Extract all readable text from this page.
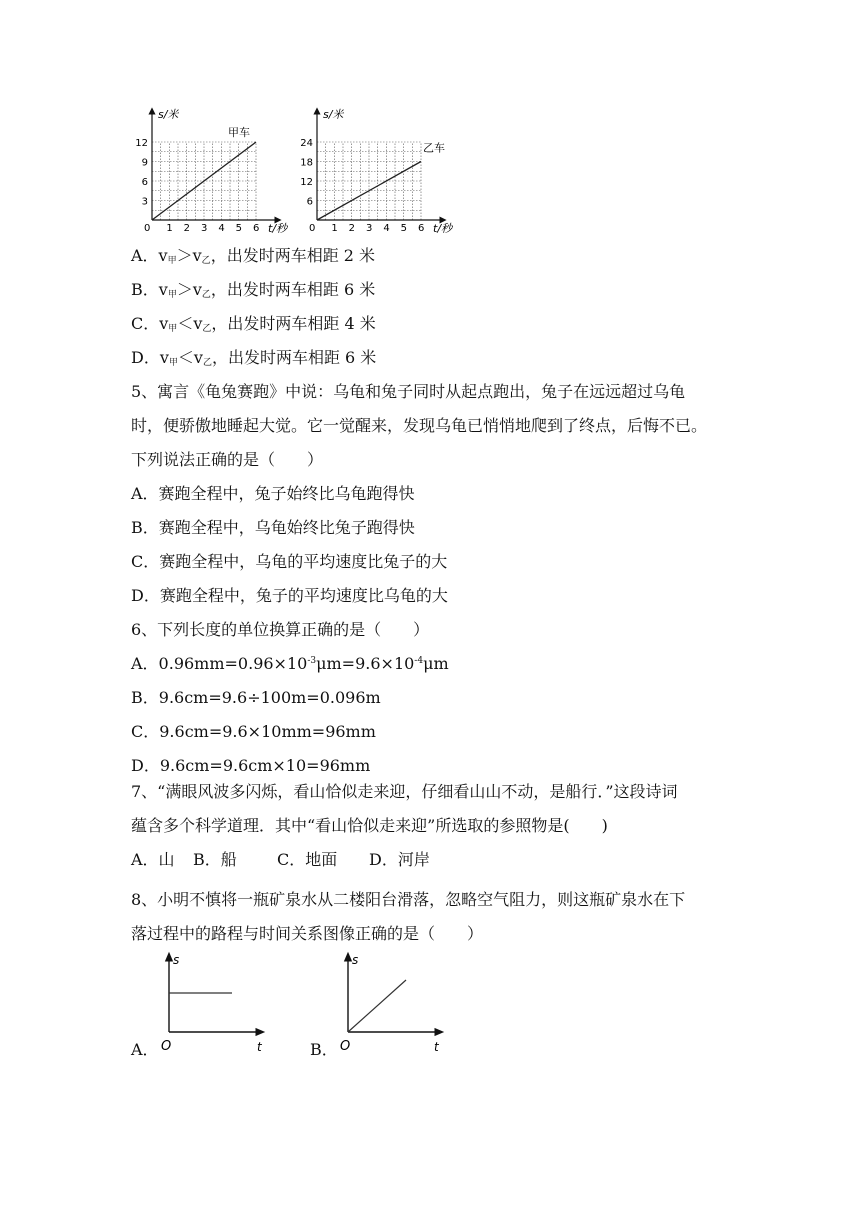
0 1 2 3 4 5 6
3
6
9
12
s/米
t/秒
甲车
0 1 2 3 4 5 6
6
12
18
24
s/米
t/秒
乙车
A．$v_甲>v_乙$，出发时两车相距 2 米
B．$v_甲>v_乙$，出发时两车相距 6 米
C．$v_甲<v_乙$，出发时两车相距 4 米
D．$v_甲<v_乙$，出发时两车相距 6 米
5、寓言《龟兔赛跑》中说：乌龟和兔子同时从起点跑出，兔子在远远超过乌龟
时，便骄傲地睡起大觉。它一觉醒来，发现乌龟已悄悄地爬到了终点，后悔不已。
下列说法正确的是（　　）
A．赛跑全程中，兔子始终比乌龟跑得快
B．赛跑全程中，乌龟始终比兔子跑得快
C．赛跑全程中，乌龟的平均速度比兔子的大
D．赛跑全程中，兔子的平均速度比乌龟的大
6、下列长度的单位换算正确的是（　　）
A．$0.96mm=0.96\times 10^{-3}\mu m=9.6\times 10^{-4}\mu m$
B．9.6cm=9.6÷100m=0.096m
C．9.6cm=9.6×10mm=96mm
D．9.6cm=9.6cm×10=96mm
7、“满眼风波多闪烁，看山恰似走来迎，仔细看山山不动，是船行．”这段诗词
蕴含多个科学道理．其中“看山恰似走来迎”所选取的参照物是(　　)
A．山 B．船	C．地面 D．河岸
8、小明不慎将一瓶矿泉水从二楼阳台滑落，忽略空气阻力，则这瓶矿泉水在下
落过程中的路程与时间关系图像正确的是（　　）
A．
s
t
O	B．
s
t
O
